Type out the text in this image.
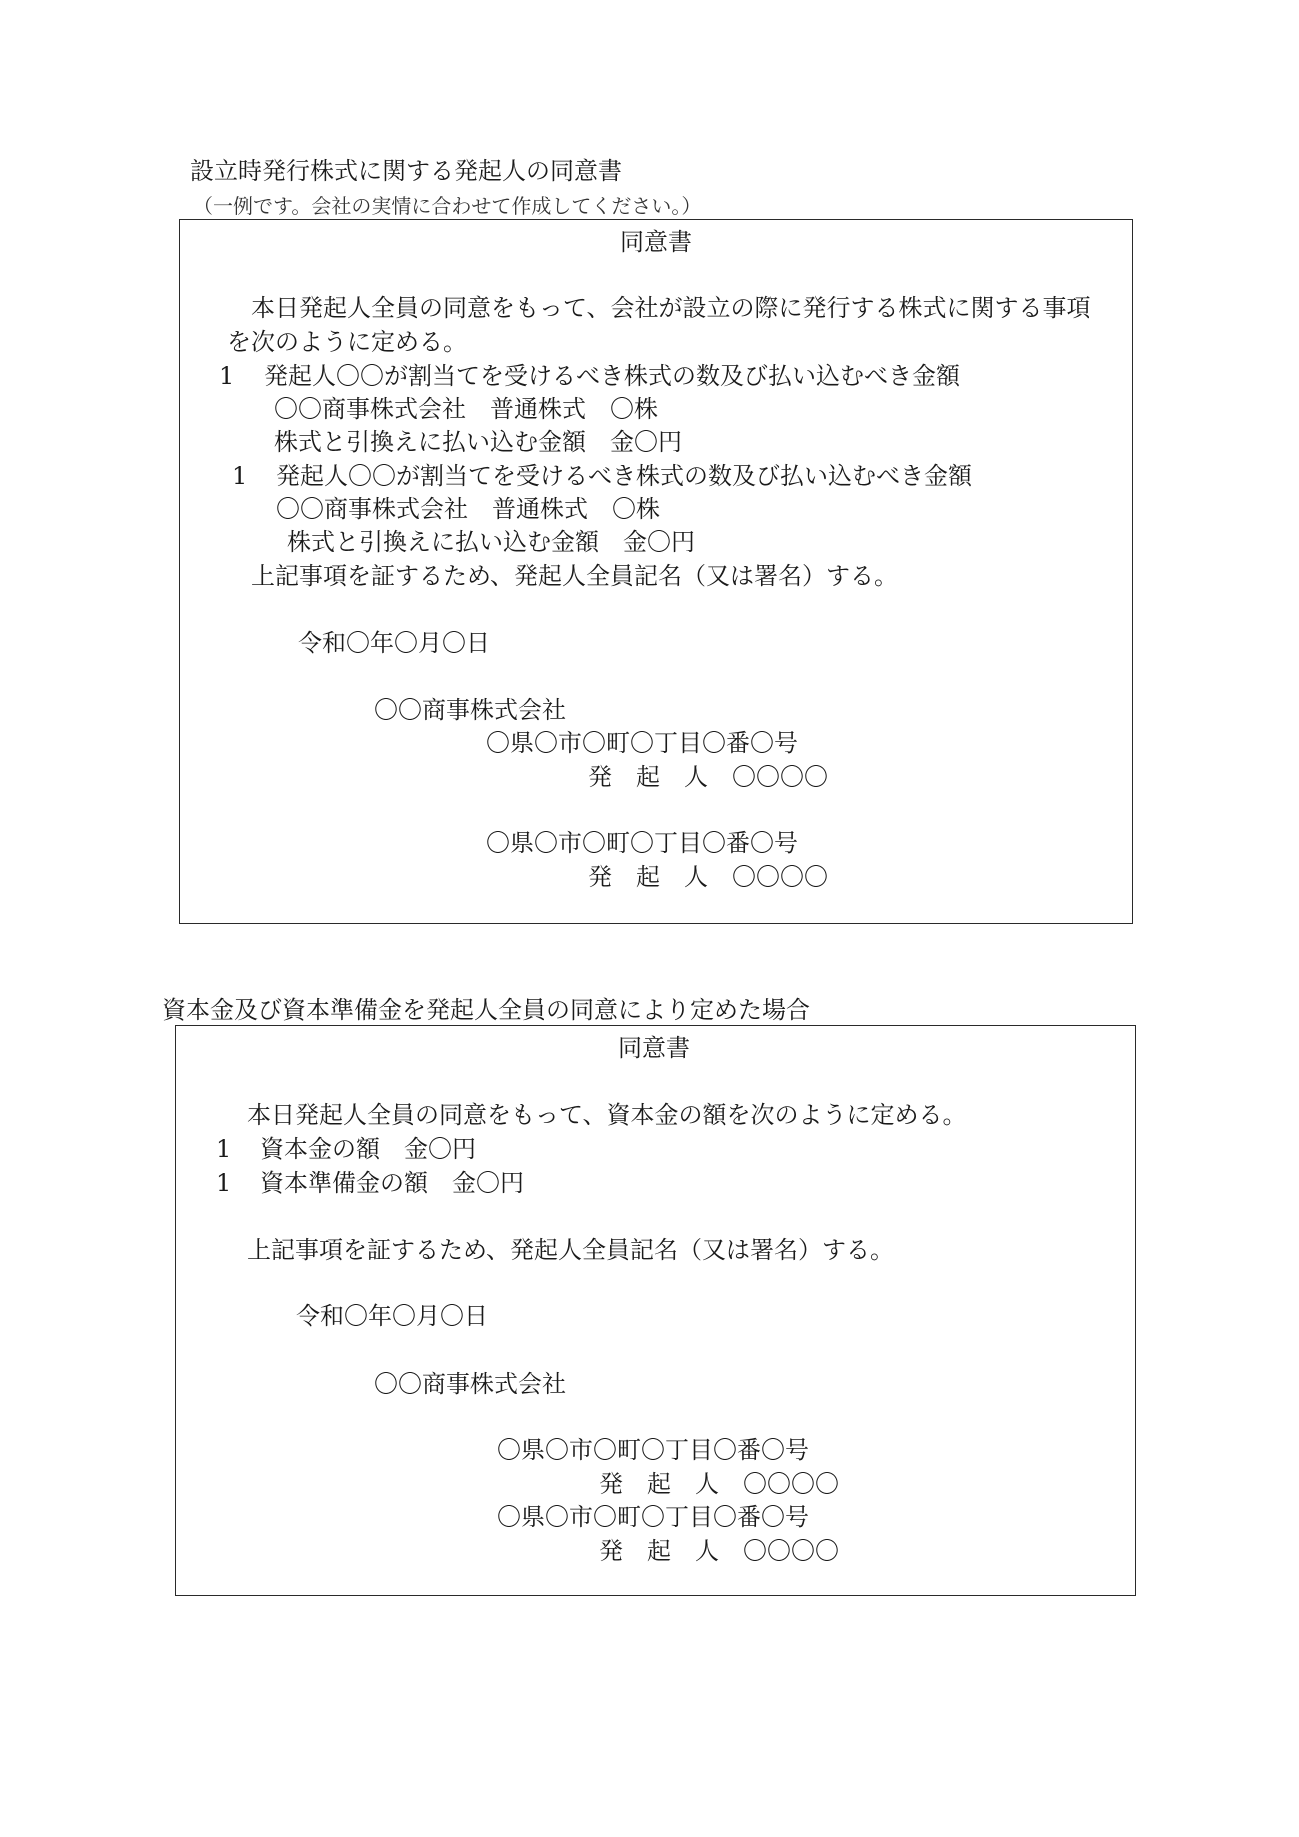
設立時発行株式に関する発起人の同意書
（一例です。会社の実情に合わせて作成してください。）
同意書
本日発起人全員の同意をもって、会社が設立の際に発行する株式に関する事項
を次のように定める。
1 発起人〇〇が割当てを受けるべき株式の数及び払い込むべき金額
〇〇商事株式会社　普通株式　〇株
株式と引換えに払い込む金額　金〇円
1 発起人〇〇が割当てを受けるべき株式の数及び払い込むべき金額
〇〇商事株式会社　普通株式　〇株
株式と引換えに払い込む金額　金〇円
上記事項を証するため、発起人全員記名（又は署名）する。
令和〇年〇月〇日
〇〇商事株式会社
〇県〇市〇町〇丁目〇番〇号
発　起　人　〇〇〇〇
〇県〇市〇町〇丁目〇番〇号
発　起　人　〇〇〇〇
資本金及び資本準備金を発起人全員の同意により定めた場合
同意書
本日発起人全員の同意をもって、資本金の額を次のように定める。
1 資本金の額　金〇円
1 資本準備金の額　金〇円
上記事項を証するため、発起人全員記名（又は署名）する。
令和〇年〇月〇日
〇〇商事株式会社
〇県〇市〇町〇丁目〇番〇号
発　起　人　〇〇〇〇
〇県〇市〇町〇丁目〇番〇号
発　起　人　〇〇〇〇
